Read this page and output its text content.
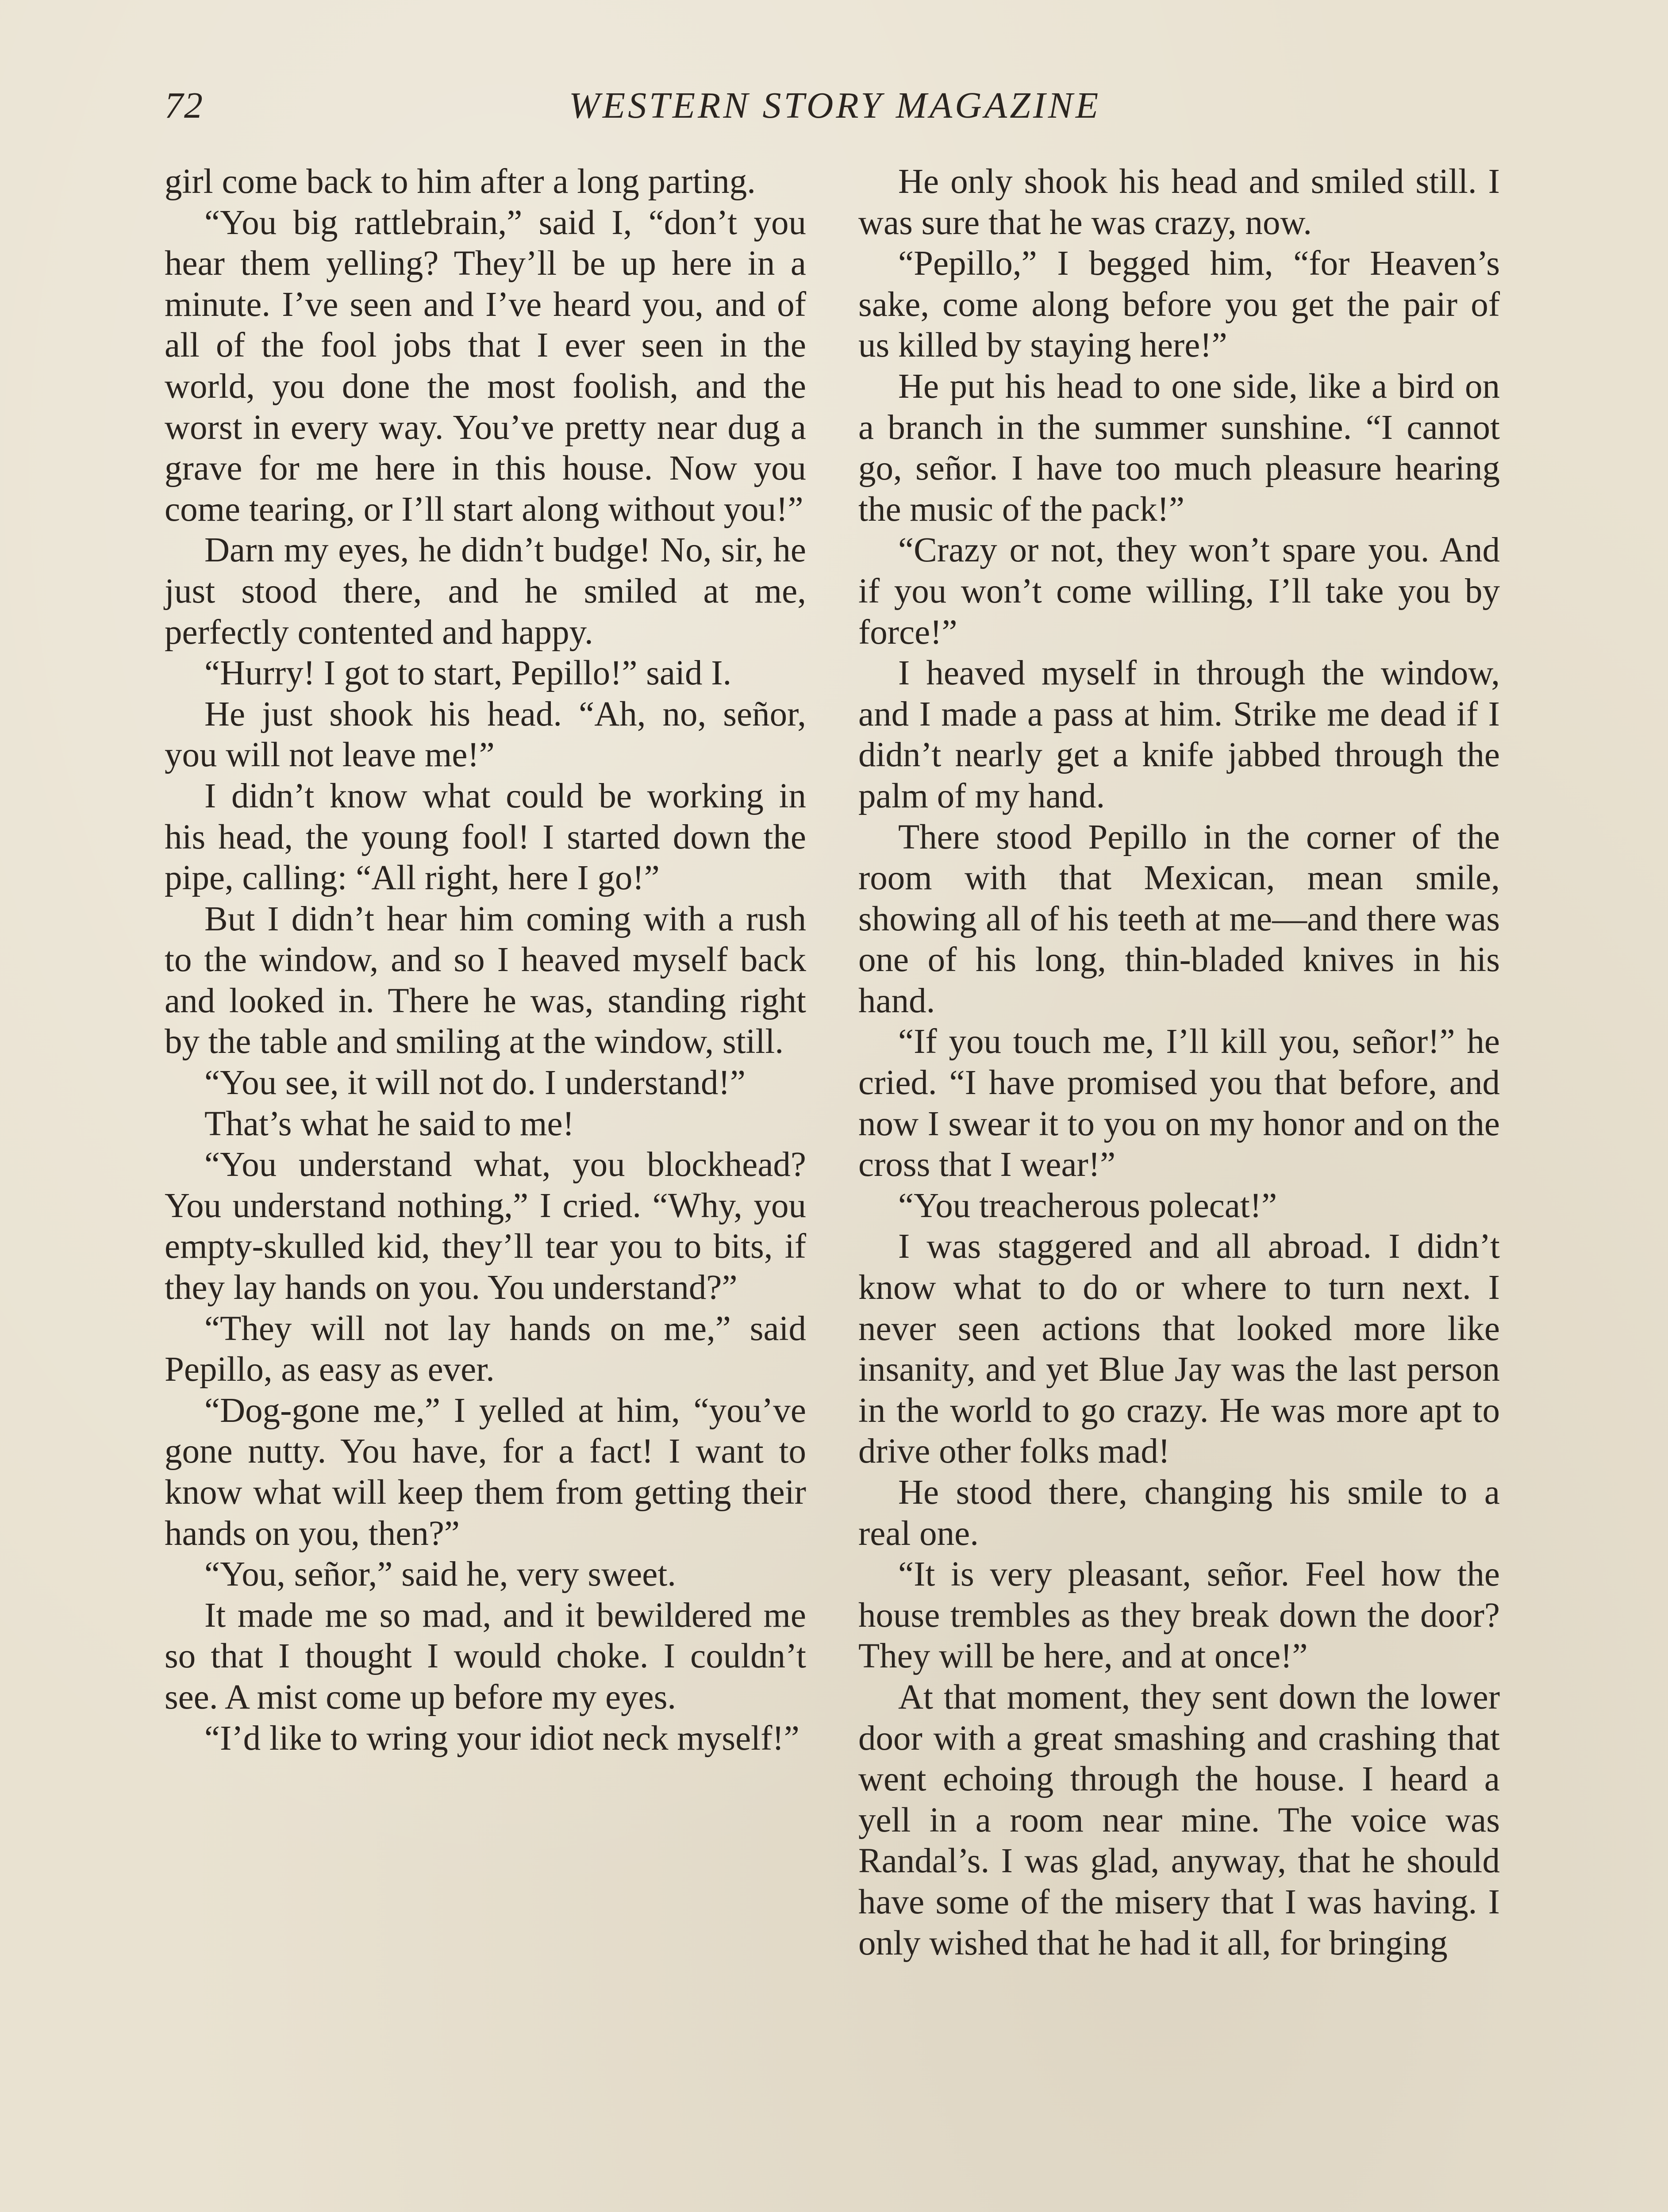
72	WESTERN STORY MAGAZINE

girl come back to him after a long parting.

“You big rattlebrain,” said I, “don’t you hear them yelling? They’ll be up here in a minute. I’ve seen and I’ve heard you, and of all of the fool jobs that I ever seen in the world, you done the most foolish, and the worst in every way. You’ve pretty near dug a grave for me here in this house. Now you come tearing, or I’ll start along without you!”

Darn my eyes, he didn’t budge! No, sir, he just stood there, and he smiled at me, perfectly contented and happy.

“Hurry! I got to start, Pepillo!” said I.

He just shook his head. “Ah, no, señor, you will not leave me!”

I didn’t know what could be working in his head, the young fool! I started down the pipe, calling: “All right, here I go!”

But I didn’t hear him coming with a rush to the window, and so I heaved myself back and looked in. There he was, standing right by the table and smiling at the window, still.

“You see, it will not do. I understand!”

That’s what he said to me!

“You understand what, you blockhead? You understand nothing,” I cried. “Why, you empty-skulled kid, they’ll tear you to bits, if they lay hands on you. You understand?”

“They will not lay hands on me,” said Pepillo, as easy as ever.

“Dog-gone me,” I yelled at him, “you’ve gone nutty. You have, for a fact! I want to know what will keep them from getting their hands on you, then?”

“You, señor,” said he, very sweet.

It made me so mad, and it bewildered me so that I thought I would choke. I couldn’t see. A mist come up before my eyes.

“I’d like to wring your idiot neck myself!”

He only shook his head and smiled still. I was sure that he was crazy, now.

“Pepillo,” I begged him, “for Heaven’s sake, come along before you get the pair of us killed by staying here!”

He put his head to one side, like a bird on a branch in the summer sunshine. “I cannot go, señor. I have too much pleasure hearing the music of the pack!”

“Crazy or not, they won’t spare you. And if you won’t come willing, I’ll take you by force!”

I heaved myself in through the window, and I made a pass at him. Strike me dead if I didn’t nearly get a knife jabbed through the palm of my hand.

There stood Pepillo in the corner of the room with that Mexican, mean smile, showing all of his teeth at me—and there was one of his long, thin-bladed knives in his hand.

“If you touch me, I’ll kill you, señor!” he cried. “I have promised you that before, and now I swear it to you on my honor and on the cross that I wear!”

“You treacherous polecat!”

I was staggered and all abroad. I didn’t know what to do or where to turn next. I never seen actions that looked more like insanity, and yet Blue Jay was the last person in the world to go crazy. He was more apt to drive other folks mad!

He stood there, changing his smile to a real one.

“It is very pleasant, señor. Feel how the house trembles as they break down the door? They will be here, and at once!”

At that moment, they sent down the lower door with a great smashing and crashing that went echoing through the house. I heard a yell in a room near mine. The voice was Randal’s. I was glad, anyway, that he should have some of the misery that I was having. I only wished that he had it all, for bringing
